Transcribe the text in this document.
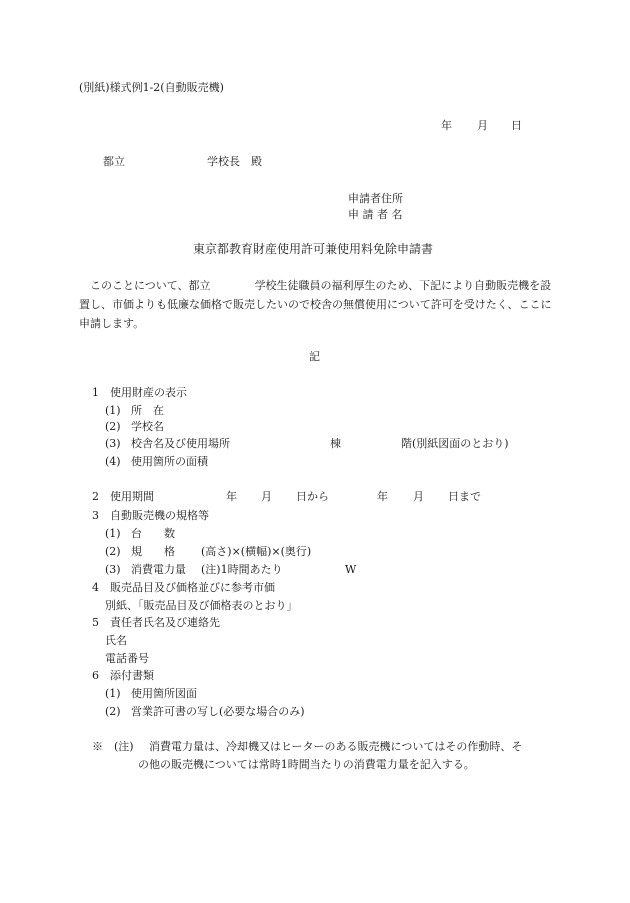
(別紙)様式例1-2(自動販売機)
年 月 日
都立	学校長　殿
申請者住所
申 請 者 名
東京都教育財産使用許可兼使用料免除申請書
このことについて、都立	学校生徒職員の福利厚生のため、下記により自動販売機を設置し、市価よりも低廉な価格で販売したいので校舎の無償使用について許可を受けたく、ここに申請します。
記
1　使用財産の表示
(1) 所　在
(2) 学校名
(3) 校舎名及び使用場所	棟	階(別紙図面のとおり)
(4) 使用箇所の面積
2　使用期間	年 月 日から	年 月 日まで
3　自動販売機の規格等
(1) 台　　数
(2) 規　　格 (高さ)×(横幅)×(奥行)
(3) 消費電力量 (注)1時間あたり	W
4　販売品目及び価格並びに参考市価
別紙、「販売品目及び価格表のとおり」
5　責任者氏名及び連絡先
氏名
電話番号
6　添付書類
(1) 使用箇所図面
(2) 営業許可書の写し(必要な場合のみ)
※　(注) 消費電力量は、冷却機又はヒーターのある販売機についてはその作動時、そ
の他の販売機については常時1時間当たりの消費電力量を記入する。
